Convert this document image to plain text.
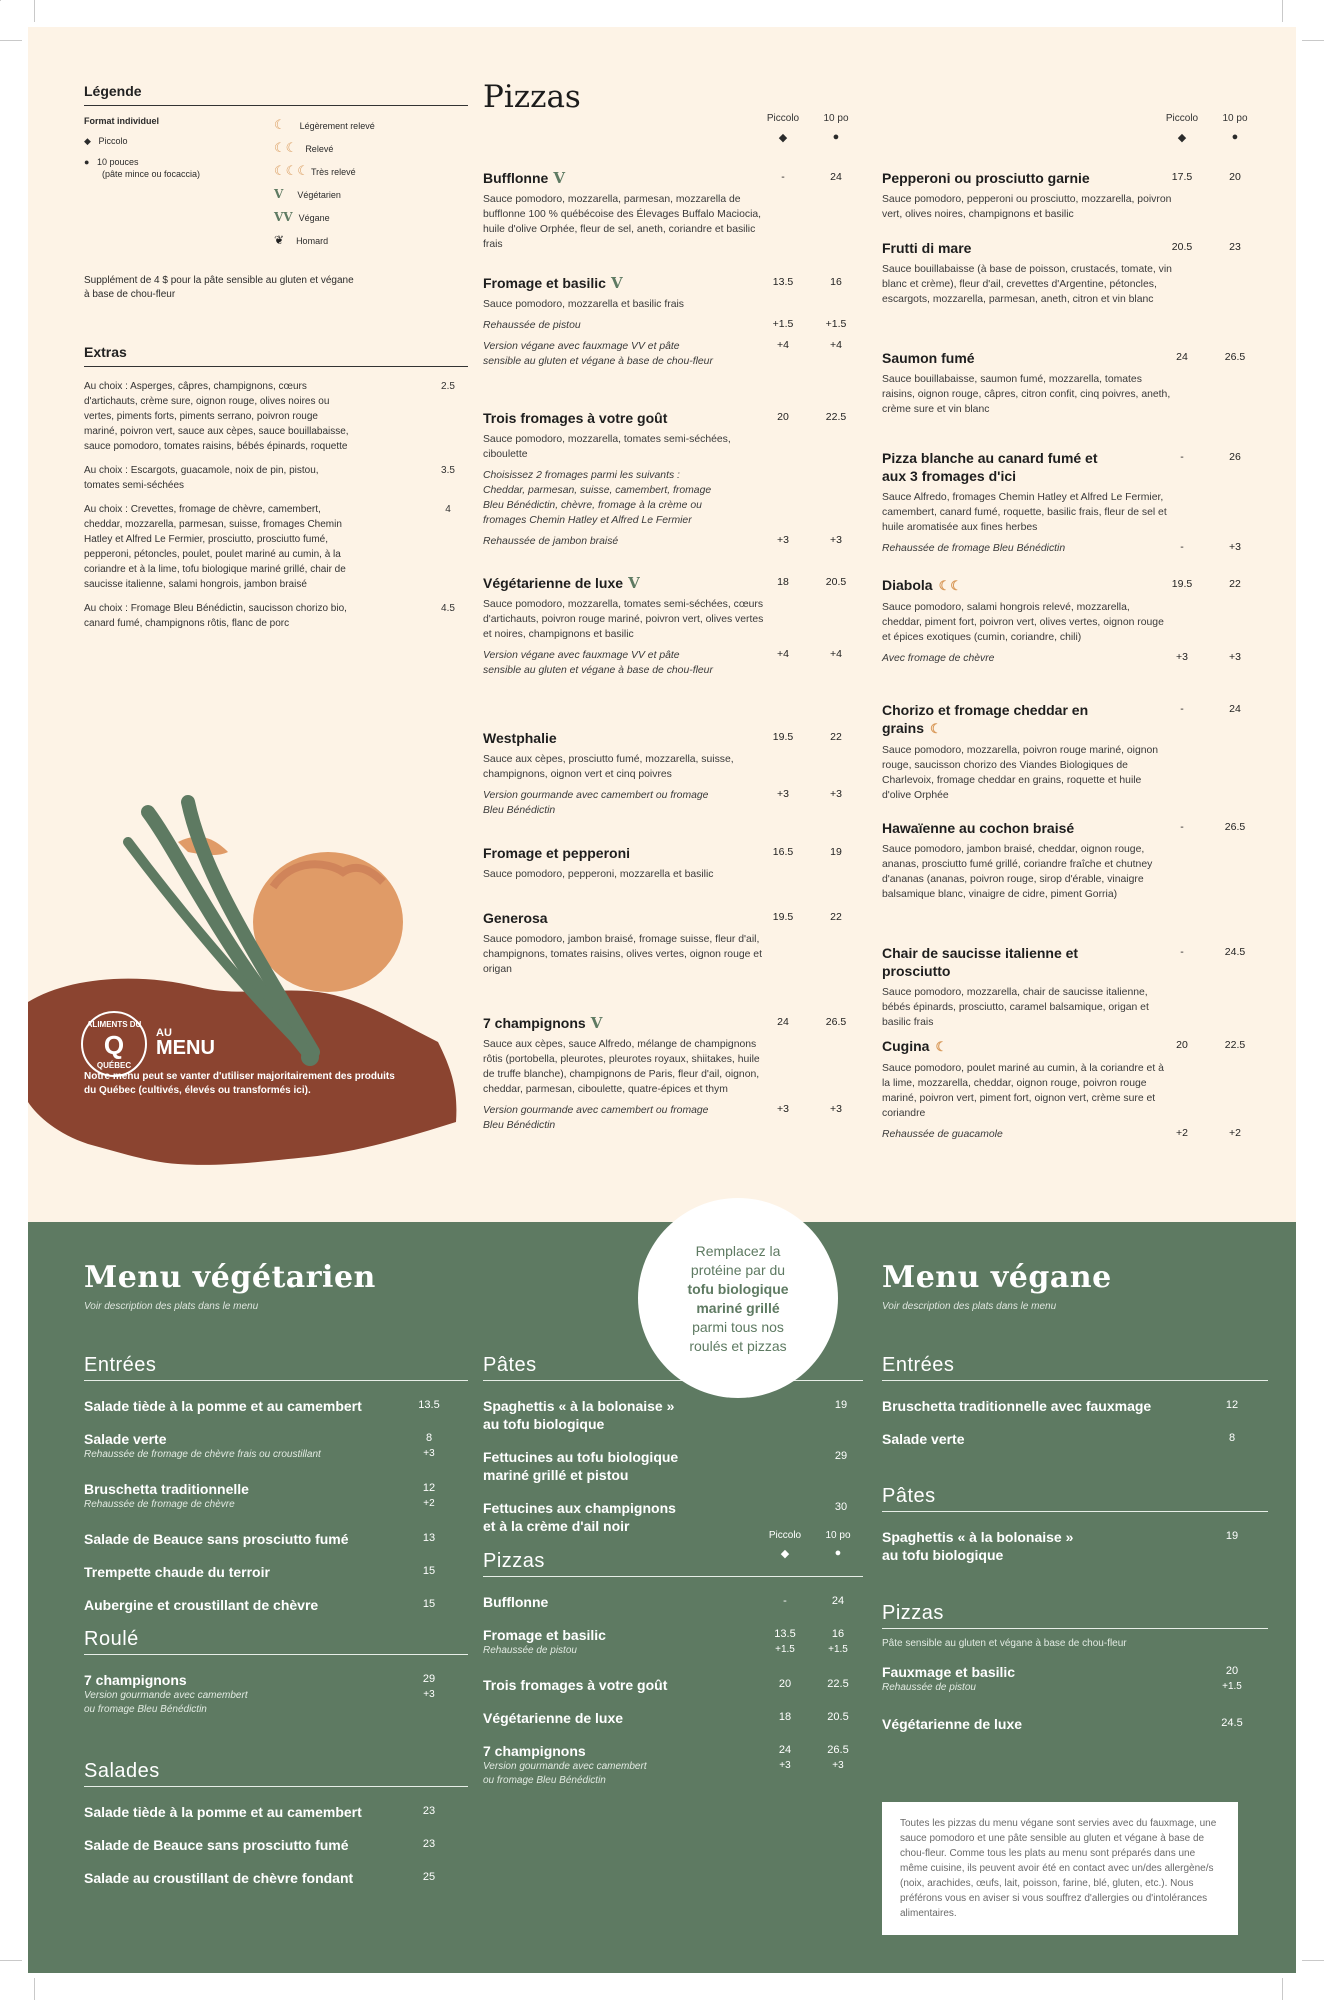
Légende
Format individuel
◆ Piccolo
● 10 pouces
(pâte mince ou focaccia)
☾ Légèrement relevé
☾☾ Relevé
☾☾☾ Très relevé
V Végétarien
VV Végane
❦ Homard
Supplément de 4 $ pour la pâte sensible au gluten et végane à base de chou-fleur
Extras
Au choix : Asperges, câpres, champignons, cœurs d'artichauts, crème sure, oignon rouge, olives noires ou vertes, piments forts, piments serrano, poivron rouge mariné, poivron vert, sauce aux cèpes, sauce bouillabaisse, sauce pomodoro, tomates raisins, bébés épinards, roquette
2.5
Au choix : Escargots, guacamole, noix de pin, pistou, tomates semi-séchées
3.5
Au choix : Crevettes, fromage de chèvre, camembert, cheddar, mozzarella, parmesan, suisse, fromages Chemin Hatley et Alfred Le Fermier, prosciutto, prosciutto fumé, pepperoni, pétoncles, poulet, poulet mariné au cumin, à la coriandre et à la lime, tofu biologique mariné grillé, chair de saucisse italienne, salami hongrois, jambon braisé
4
Au choix : Fromage Bleu Bénédictin, saucisson chorizo bio, canard fumé, champignons rôtis, flanc de porc
4.5
ALIMENTS DU
QUÉBEC
Q	AU
MENU
Notre menu peut se vanter d'utiliser majoritairement des produits du Québec (cultivés, élevés ou transformés ici).
Pizzas
Piccolo	10 po
◆	●
Bufflonne V	-	24
Sauce pomodoro, mozzarella, parmesan, mozzarella de bufflonne 100 % québécoise des Élevages Buffalo Maciocia, huile d'olive Orphée, fleur de sel, aneth, coriandre et basilic frais
Fromage et basilic V	13.5	16
Sauce pomodoro, mozzarella et basilic frais
Rehaussée de pistou	+1.5	+1.5
Version végane avec fauxmage VV et pâte sensible au gluten et végane à base de chou-fleur
+4	+4
Trois fromages à votre goût	20	22.5
Sauce pomodoro, mozzarella, tomates semi-séchées, ciboulette
Choisissez 2 fromages parmi les suivants : Cheddar, parmesan, suisse, camembert, fromage Bleu Bénédictin, chèvre, fromage à la crème ou fromages Chemin Hatley et Alfred Le Fermier
Rehaussée de jambon braisé	+3	+3
Végétarienne de luxe V	18	20.5
Sauce pomodoro, mozzarella, tomates semi-séchées, cœurs d'artichauts, poivron rouge mariné, poivron vert, olives vertes et noires, champignons et basilic
Version végane avec fauxmage VV et pâte sensible au gluten et végane à base de chou-fleur
+4	+4
Westphalie	19.5	22
Sauce aux cèpes, prosciutto fumé, mozzarella, suisse, champignons, oignon vert et cinq poivres
Version gourmande avec camembert ou fromage Bleu Bénédictin
+3	+3
Fromage et pepperoni	16.5	19
Sauce pomodoro, pepperoni, mozzarella et basilic
Generosa	19.5	22
Sauce pomodoro, jambon braisé, fromage suisse, fleur d'ail, champignons, tomates raisins, olives vertes, oignon rouge et origan
7 champignons V	24	26.5
Sauce aux cèpes, sauce Alfredo, mélange de champignons rôtis (portobella, pleurotes, pleurotes royaux, shiitakes, huile de truffe blanche), champignons de Paris, fleur d'ail, oignon, cheddar, parmesan, ciboulette, quatre-épices et thym
Version gourmande avec camembert ou fromage Bleu Bénédictin
+3	+3
Piccolo	10 po
◆	●
Pepperoni ou prosciutto garnie	17.5	20
Sauce pomodoro, pepperoni ou prosciutto, mozzarella, poivron vert, olives noires, champignons et basilic
Frutti di mare	20.5	23
Sauce bouillabaisse (à base de poisson, crustacés, tomate, vin blanc et crème), fleur d'ail, crevettes d'Argentine, pétoncles, escargots, mozzarella, parmesan, aneth, citron et vin blanc
Saumon fumé	24	26.5
Sauce bouillabaisse, saumon fumé, mozzarella, tomates raisins, oignon rouge, câpres, citron confit, cinq poivres, aneth, crème sure et vin blanc
Pizza blanche au canard fumé et aux 3 fromages d'ici
-	26
Sauce Alfredo, fromages Chemin Hatley et Alfred Le Fermier, camembert, canard fumé, roquette, basilic frais, fleur de sel et huile aromatisée aux fines herbes
Rehaussée de fromage Bleu Bénédictin	-	+3
Diabola ☾☾	19.5	22
Sauce pomodoro, salami hongrois relevé, mozzarella, cheddar, piment fort, poivron vert, olives vertes, oignon rouge et épices exotiques (cumin, coriandre, chili)
Avec fromage de chèvre	+3	+3
Chorizo et fromage cheddar en grains ☾
-	24
Sauce pomodoro, mozzarella, poivron rouge mariné, oignon rouge, saucisson chorizo des Viandes Biologiques de Charlevoix, fromage cheddar en grains, roquette et huile d'olive Orphée
Hawaïenne au cochon braisé	-	26.5
Sauce pomodoro, jambon braisé, cheddar, oignon rouge, ananas, prosciutto fumé grillé, coriandre fraîche et chutney d'ananas (ananas, poivron rouge, sirop d'érable, vinaigre balsamique blanc, vinaigre de cidre, piment Gorria)
Chair de saucisse italienne et prosciutto
-	24.5
Sauce pomodoro, mozzarella, chair de saucisse italienne, bébés épinards, prosciutto, caramel balsamique, origan et basilic frais
Cugina ☾	20	22.5
Sauce pomodoro, poulet mariné au cumin, à la coriandre et à la lime, mozzarella, cheddar, oignon rouge, poivron rouge mariné, poivron vert, piment fort, oignon vert, crème sure et coriandre
Rehaussée de guacamole	+2	+2
Menu végétarien
Voir description des plats dans le menu
Entrées
Salade tiède à la pomme et au camembert	13.5
Salade verte	8
Rehaussée de fromage de chèvre frais ou croustillant	+3
Bruschetta traditionnelle	12
Rehaussée de fromage de chèvre	+2
Salade de Beauce sans prosciutto fumé	13
Trempette chaude du terroir	15
Aubergine et croustillant de chèvre	15
Roulé
7 champignons	29
Version gourmande avec camembert
ou fromage Bleu Bénédictin
+3
Salades
Salade tiède à la pomme et au camembert	23
Salade de Beauce sans prosciutto fumé	23
Salade au croustillant de chèvre fondant	25
Pâtes
Spaghettis « à la bolonaise »
au tofu biologique
19
Fettucines au tofu biologique
mariné grillé et pistou
29
Fettucines aux champignons
et à la crème d'ail noir
30
Piccolo	10 po
◆	●
Pizzas
Bufflonne	-	24
Fromage et basilic	13.5	16
Rehaussée de pistou	+1.5	+1.5
Trois fromages à votre goût	20	22.5
Végétarienne de luxe	18	20.5
7 champignons	24	26.5
Version gourmande avec camembert
ou fromage Bleu Bénédictin
+3	+3
Menu végane
Voir description des plats dans le menu
Entrées
Bruschetta traditionnelle avec fauxmage	12
Salade verte	8
Pâtes
Spaghettis « à la bolonaise »
au tofu biologique
19
Pizzas
Pâte sensible au gluten et végane à base de chou-fleur
Fauxmage et basilic	20
Rehaussée de pistou	+1.5
Végétarienne de luxe	24.5
Toutes les pizzas du menu végane sont servies avec du fauxmage, une sauce pomodoro et une pâte sensible au gluten et végane à base de chou-fleur. Comme tous les plats au menu sont préparés dans une même cuisine, ils peuvent avoir été en contact avec un/des allergène/s (noix, arachides, œufs, lait, poisson, farine, blé, gluten, etc.). Nous préférons vous en aviser si vous souffrez d'allergies ou d'intolérances alimentaires.
Remplacez la
protéine par du
tofu biologique
mariné grillé
parmi tous nos
roulés et pizzas
